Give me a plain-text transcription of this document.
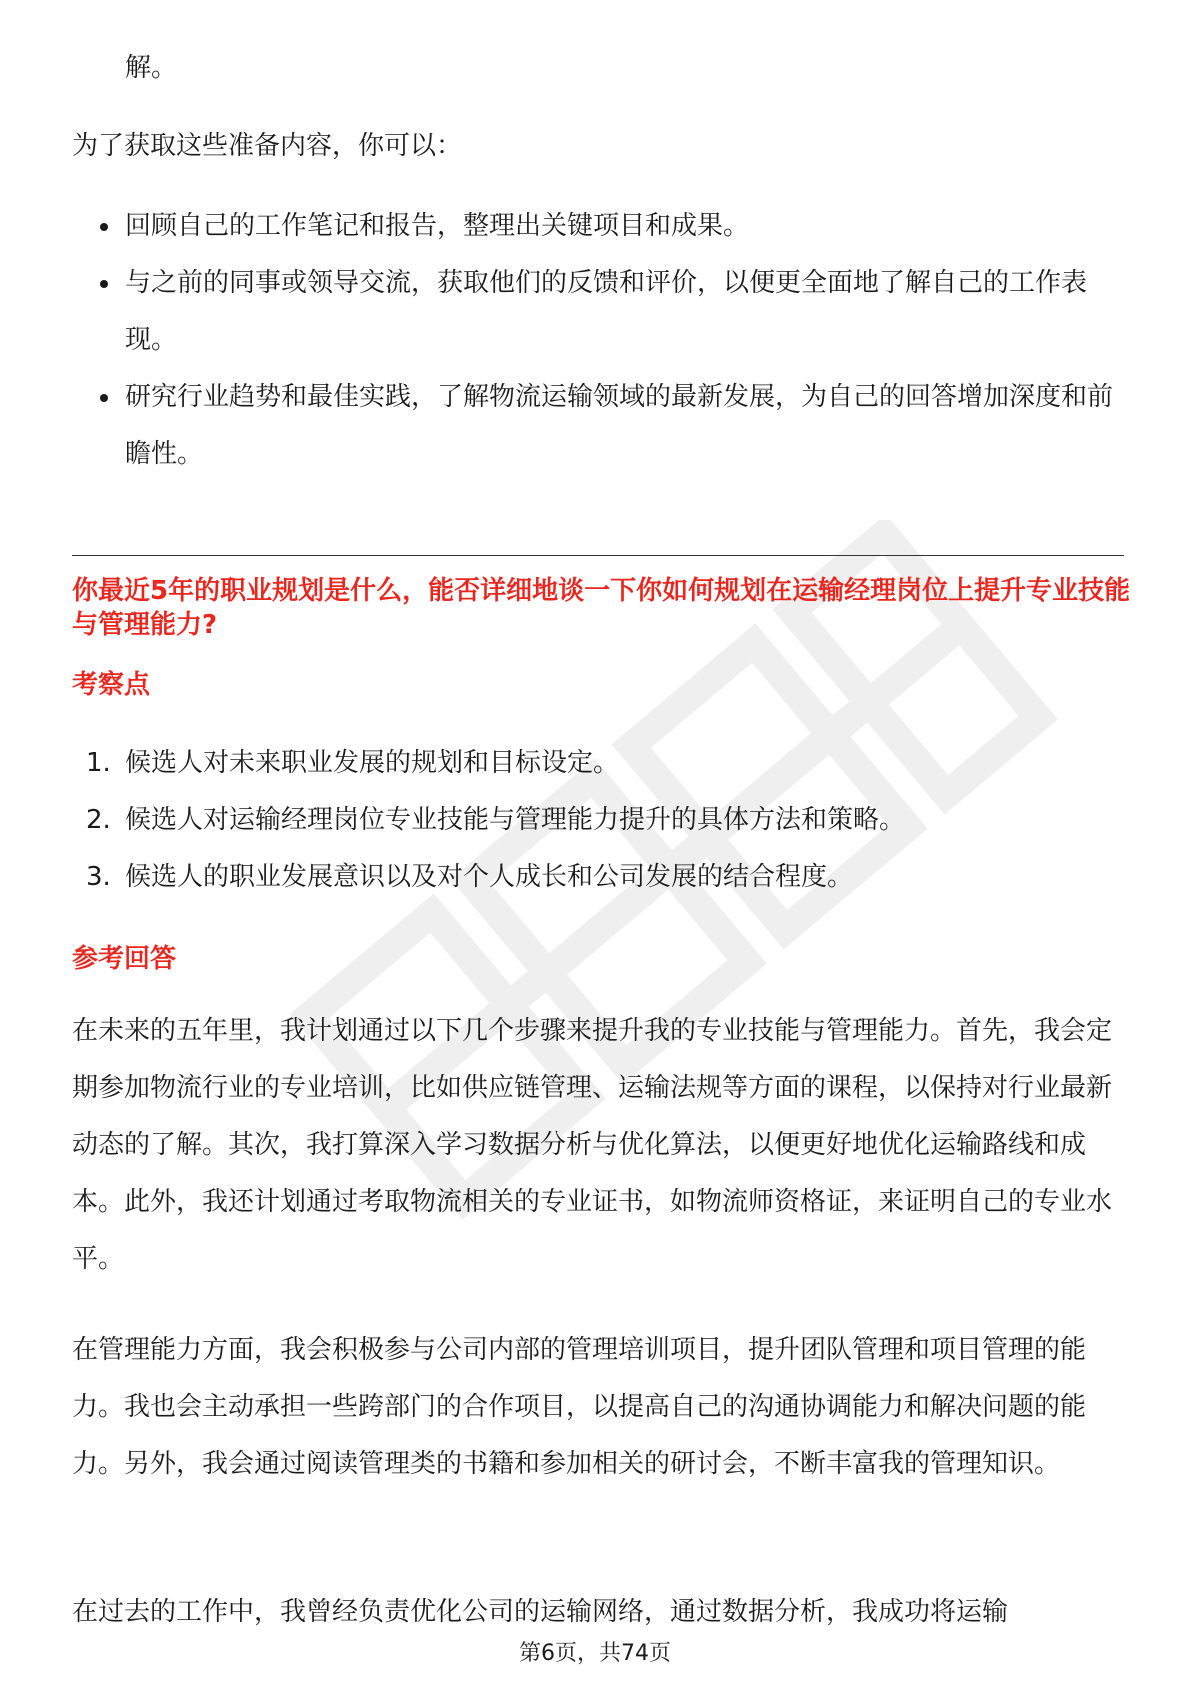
解。

为了获取这些准备内容，你可以：

回顾自己的工作笔记和报告，整理出关键项目和成果。
与之前的同事或领导交流，获取他们的反馈和评价，以便更全面地了解自己的工作表现。
研究行业趋势和最佳实践，了解物流运输领域的最新发展，为自己的回答增加深度和前瞻性。
你最近5年的职业规划是什么，能否详细地谈一下你如何规划在运输经理岗位上提升专业技能与管理能力?
考察点
1. 候选人对未来职业发展的规划和目标设定。
2. 候选人对运输经理岗位专业技能与管理能力提升的具体方法和策略。
3. 候选人的职业发展意识以及对个人成长和公司发展的结合程度。
参考回答

在未来的五年里，我计划通过以下几个步骤来提升我的专业技能与管理能力。首先，我会定期参加物流行业的专业培训，比如供应链管理、运输法规等方面的课程，以保持对行业最新动态的了解。其次，我打算深入学习数据分析与优化算法，以便更好地优化运输路线和成本。此外，我还计划通过考取物流相关的专业证书，如物流师资格证，来证明自己的专业水平。

在管理能力方面，我会积极参与公司内部的管理培训项目，提升团队管理和项目管理的能力。我也会主动承担一些跨部门的合作项目，以提高自己的沟通协调能力和解决问题的能力。另外，我会通过阅读管理类的书籍和参加相关的研讨会，不断丰富我的管理知识。

在过去的工作中，我曾经负责优化公司的运输网络，通过数据分析，我成功将运输

第6页，共74页
